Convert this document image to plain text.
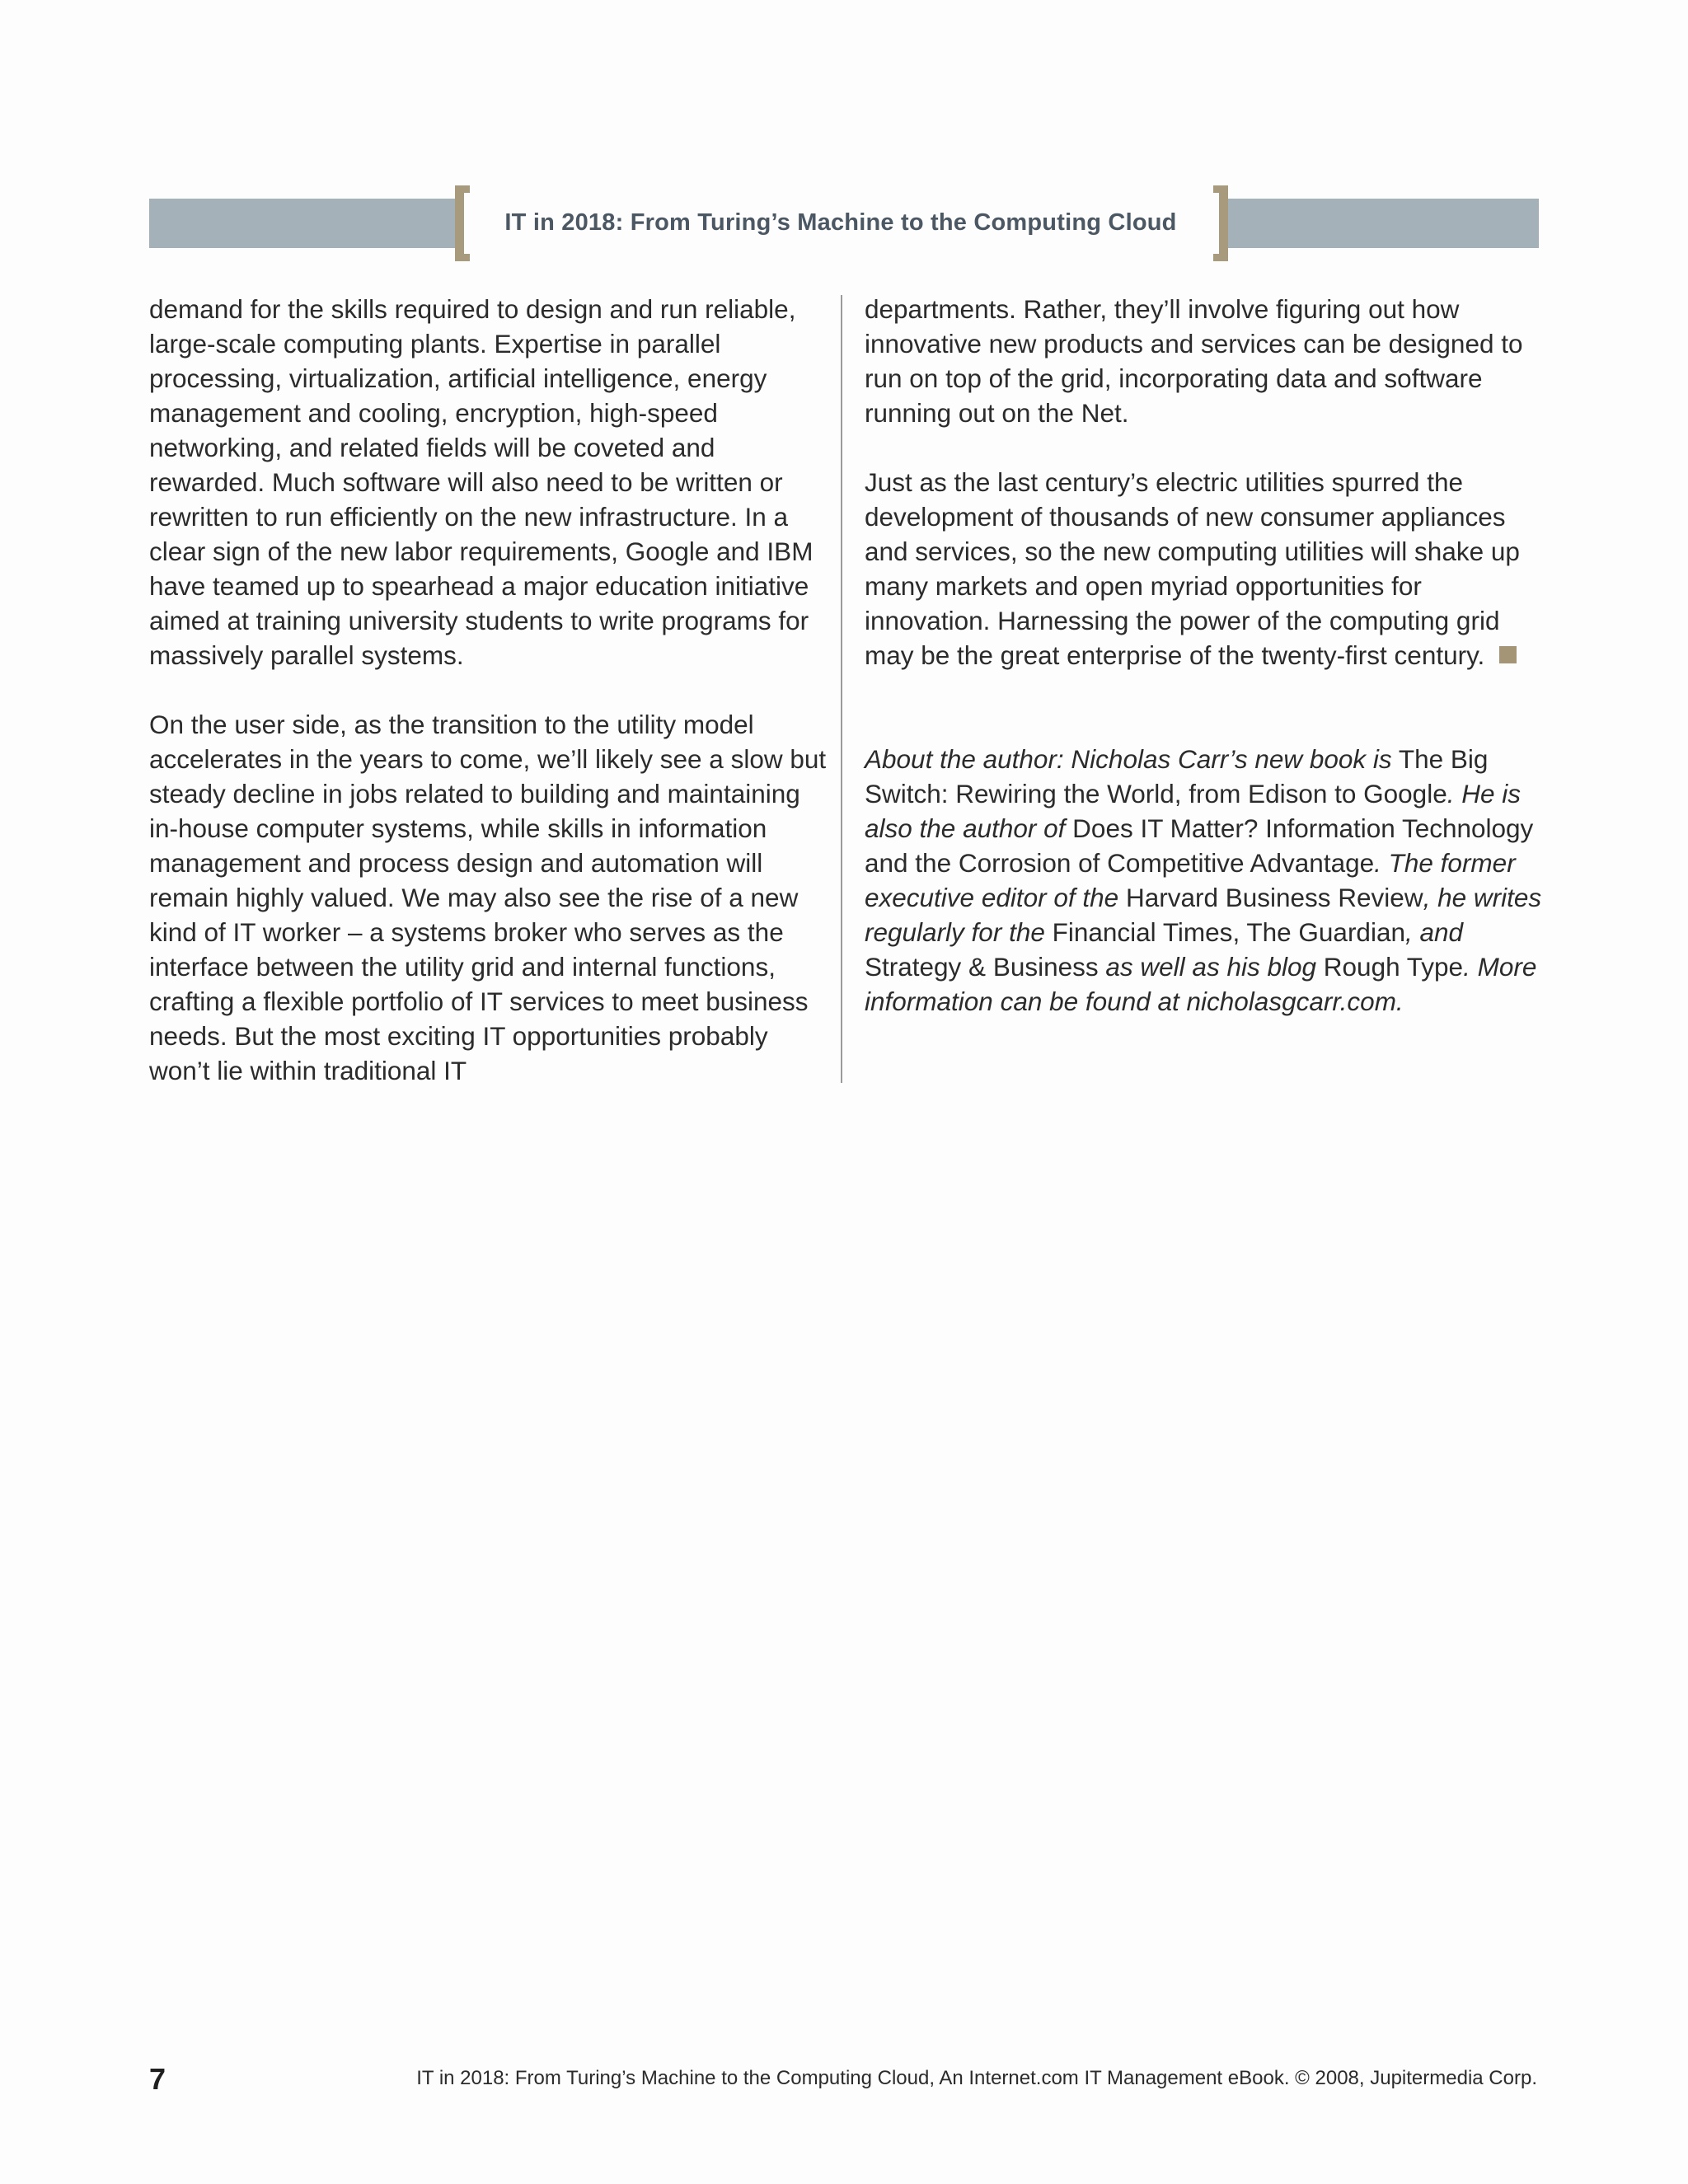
IT in 2018: From Turing’s Machine to the Computing Cloud

demand for the skills required to design and run reliable, large-scale computing plants. Expertise in parallel processing, virtualization, artificial intelligence, energy management and cooling, encryption, high-speed networking, and related fields will be coveted and rewarded. Much software will also need to be written or rewritten to run efficiently on the new infrastructure. In a clear sign of the new labor requirements, Google and IBM have teamed up to spearhead a major education initiative aimed at training university students to write programs for massively parallel systems.

On the user side, as the transition to the utility model accelerates in the years to come, we’ll likely see a slow but steady decline in jobs related to building and maintaining in-house computer systems, while skills in information management and process design and automation will remain highly valued. We may also see the rise of a new kind of IT worker – a systems broker who serves as the interface between the utility grid and internal functions, crafting a flexible portfolio of IT services to meet business needs. But the most exciting IT opportunities probably won’t lie within traditional IT

departments. Rather, they’ll involve figuring out how innovative new products and services can be designed to run on top of the grid, incorporating data and software running out on the Net.

Just as the last century’s electric utilities spurred the development of thousands of new consumer appliances and services, so the new computing utilities will shake up many markets and open myriad opportunities for innovation. Harnessing the power of the computing grid may be the great enterprise of the twenty-first century.

About the author: Nicholas Carr’s new book is The Big Switch: Rewiring the World, from Edison to Google. He is also the author of Does IT Matter? Information Technology and the Corrosion of Competitive Advantage. The former executive editor of the Harvard Business Review, he writes regularly for the Financial Times, The Guardian, and Strategy & Business as well as his blog Rough Type. More information can be found at nicholasgcarr.com.

7	IT in 2018: From Turing’s Machine to the Computing Cloud, An Internet.com IT Management eBook. © 2008, Jupitermedia Corp.
